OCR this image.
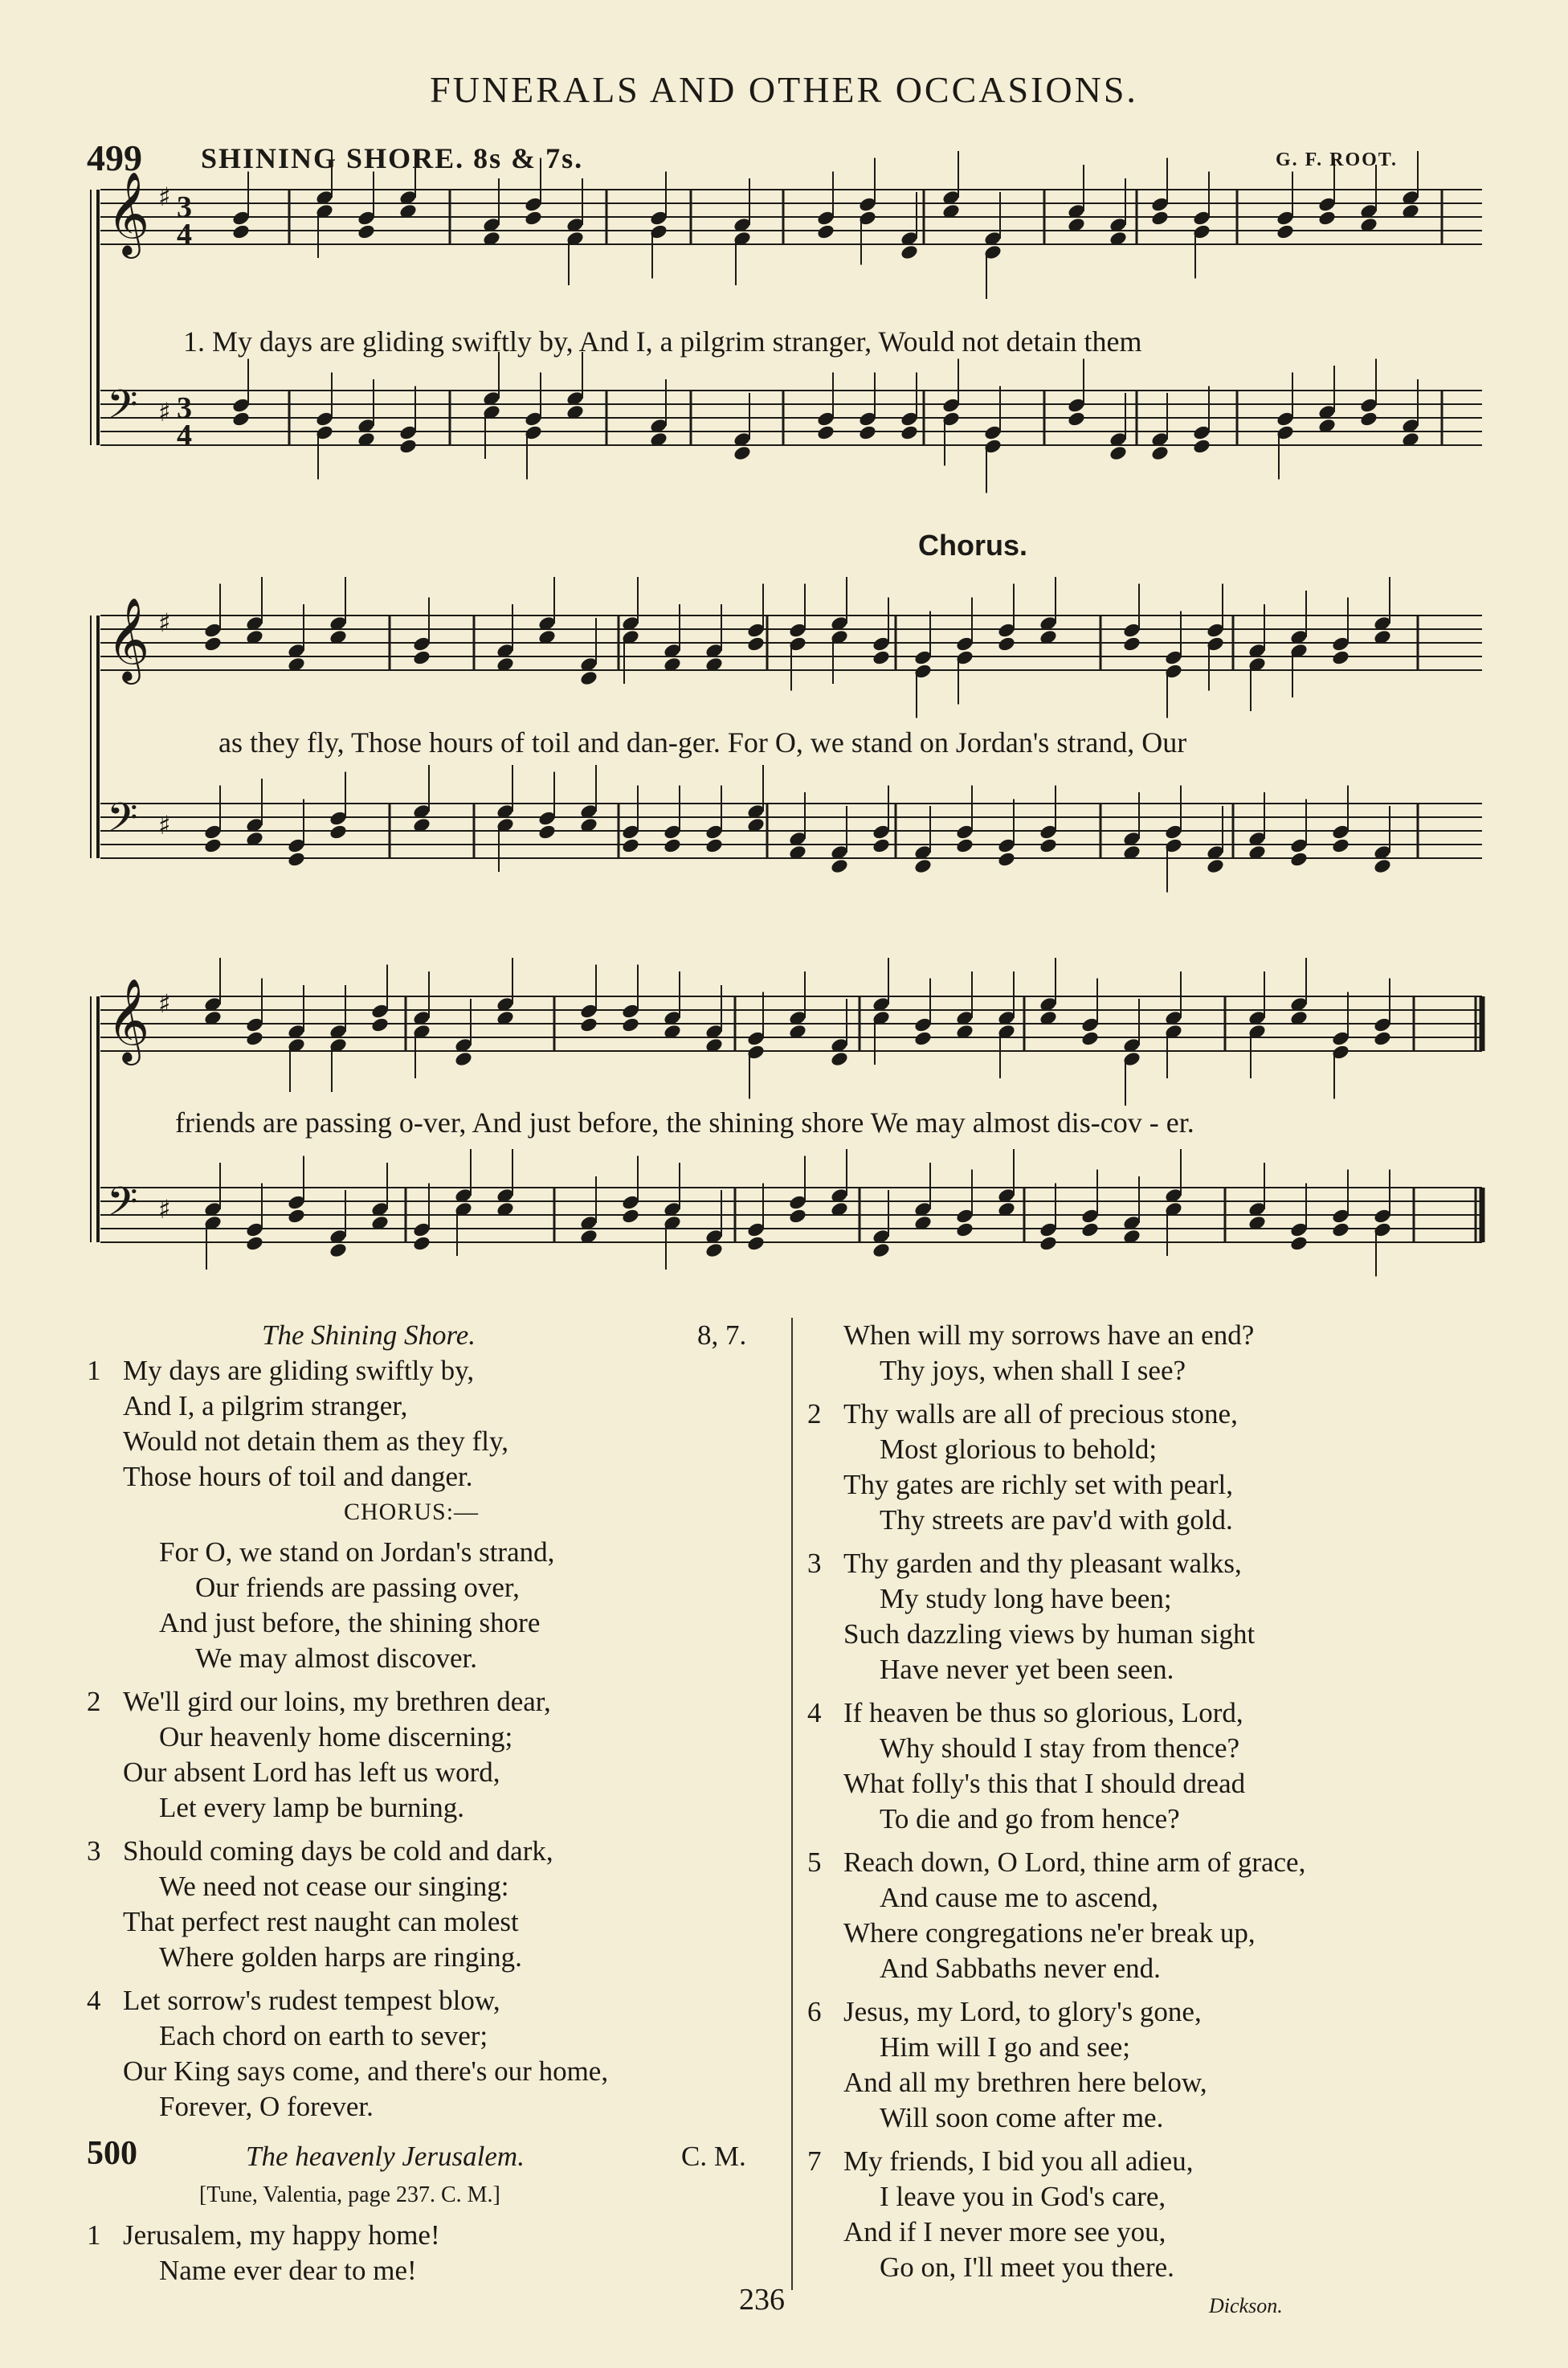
FUNERALS AND OTHER OCCASIONS.
499 SHINING SHORE. 8s & 7s.	G. F. ROOT.
𝄞 ♯ 3
4
𝄢 ♯ 3
4
𝄞 ♯
𝄢 ♯
𝄞 ♯
𝄢 ♯
Chorus.
1. My days are gliding swiftly by, And I, a pilgrim stranger, Would not detain them
as they fly, Those hours of toil and dan-ger. For O, we stand on Jordan's strand, Our
friends are passing o-ver, And just before, the shining shore We may almost dis-cov - er.
The Shining Shore.	8, 7.
1 My days are gliding swiftly by,
And I, a pilgrim stranger,
Would not detain them as they fly,
Those hours of toil and danger.
CHORUS:—
For O, we stand on Jordan's strand,
Our friends are passing over,
And just before, the shining shore
We may almost discover.
2 We'll gird our loins, my brethren dear,
Our heavenly home discerning;
Our absent Lord has left us word,
Let every lamp be burning.
3 Should coming days be cold and dark,
We need not cease our singing:
That perfect rest naught can molest
Where golden harps are ringing.
4 Let sorrow's rudest tempest blow,
Each chord on earth to sever;
Our King says come, and there's our home,
Forever, O forever.
500	The heavenly Jerusalem.	C. M.
[Tune, Valentia, page 237. C. M.]
1 Jerusalem, my happy home!
Name ever dear to me!
When will my sorrows have an end?
Thy joys, when shall I see?
2 Thy walls are all of precious stone,
Most glorious to behold;
Thy gates are richly set with pearl,
Thy streets are pav'd with gold.
3 Thy garden and thy pleasant walks,
My study long have been;
Such dazzling views by human sight
Have never yet been seen.
4 If heaven be thus so glorious, Lord,
Why should I stay from thence?
What folly's this that I should dread
To die and go from hence?
5 Reach down, O Lord, thine arm of grace,
And cause me to ascend,
Where congregations ne'er break up,
And Sabbaths never end.
6 Jesus, my Lord, to glory's gone,
Him will I go and see;
And all my brethren here below,
Will soon come after me.
7 My friends, I bid you all adieu,
I leave you in God's care,
And if I never more see you,
Go on, I'll meet you there.
236	Dickson.
